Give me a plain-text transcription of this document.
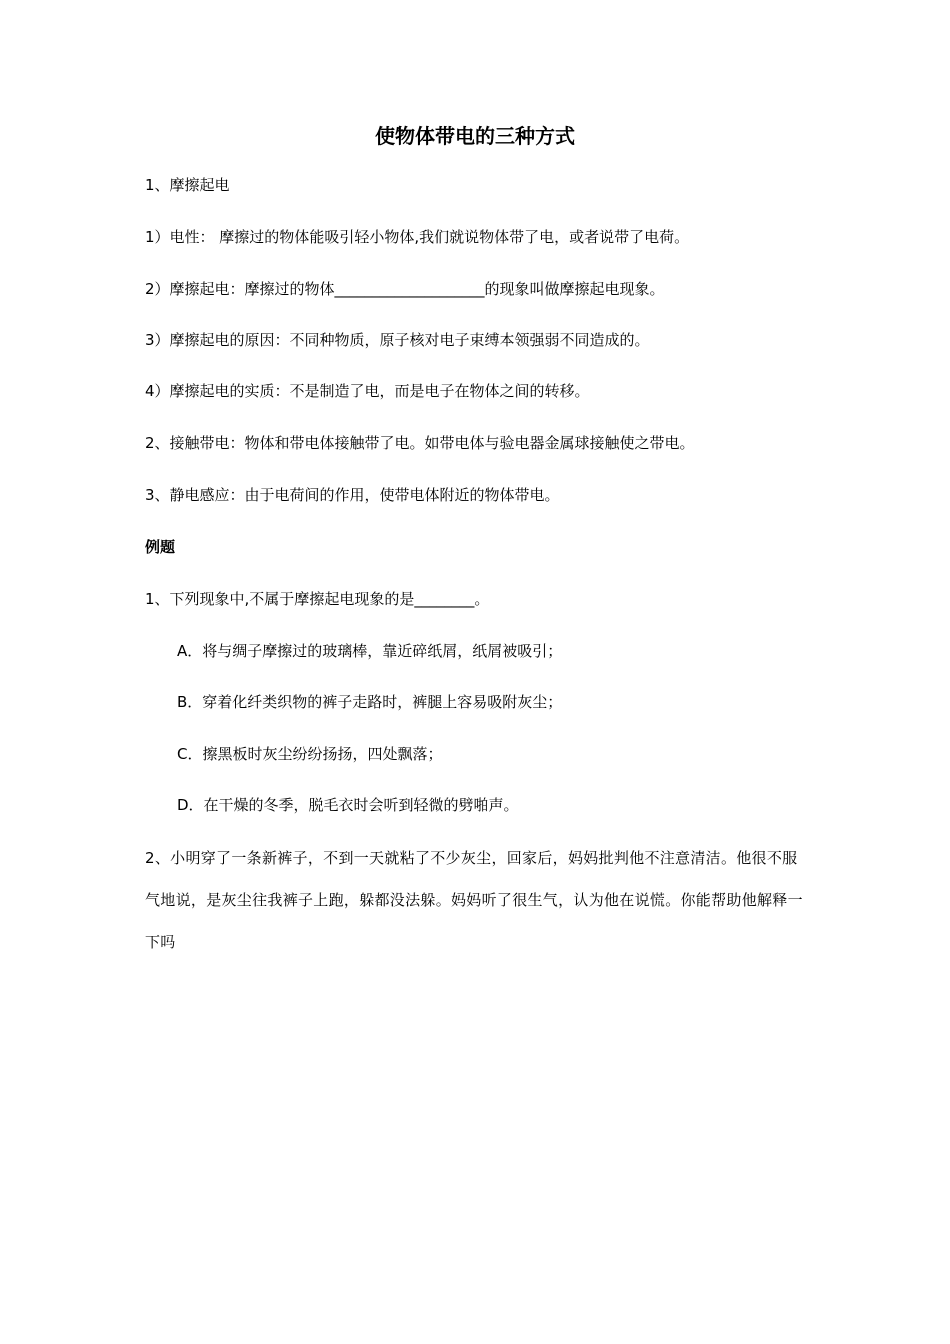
使物体带电的三种方式
1、摩擦起电
1）电性： 摩擦过的物体能吸引轻小物体,我们就说物体带了电，或者说带了电荷。
2）摩擦起电：摩擦过的物体____________________的现象叫做摩擦起电现象。
3）摩擦起电的原因：不同种物质，原子核对电子束缚本领强弱不同造成的。
4）摩擦起电的实质：不是制造了电，而是电子在物体之间的转移。
2、接触带电：物体和带电体接触带了电。如带电体与验电器金属球接触使之带电。
3、静电感应：由于电荷间的作用，使带电体附近的物体带电。
例题
1、下列现象中,不属于摩擦起电现象的是________。
A．将与绸子摩擦过的玻璃棒，靠近碎纸屑，纸屑被吸引；
B．穿着化纤类织物的裤子走路时，裤腿上容易吸附灰尘；
C．擦黑板时灰尘纷纷扬扬，四处飘落；
D．在干燥的冬季，脱毛衣时会听到轻微的劈啪声。
2、小明穿了一条新裤子，不到一天就粘了不少灰尘，回家后，妈妈批判他不注意清洁。他很不服气地说，是灰尘往我裤子上跑，躲都没法躲。妈妈听了很生气，认为他在说慌。你能帮助他解释一下吗
